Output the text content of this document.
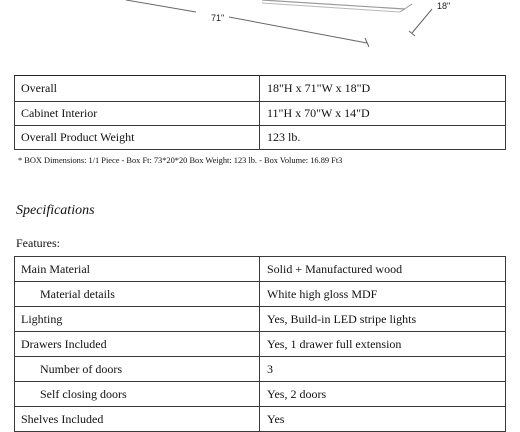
71"
18"
Overall	18"H x 71"W x 18"D
Cabinet Interior	11"H x 70"W x 14"D
Overall Product Weight	123 lb.
* BOX Dimensions: 1/1 Piece - Box Ft: 73*20*20 Box Weight: 123 lb. - Box Volume: 16.89 Ft3
Specifications
Features:
Main Material	Solid + Manufactured wood
Material details	White high gloss MDF
Lighting	Yes, Build-in LED stripe lights
Drawers Included	Yes, 1 drawer full extension
Number of doors	3
Self closing doors	Yes, 2 doors
Shelves Included	Yes
